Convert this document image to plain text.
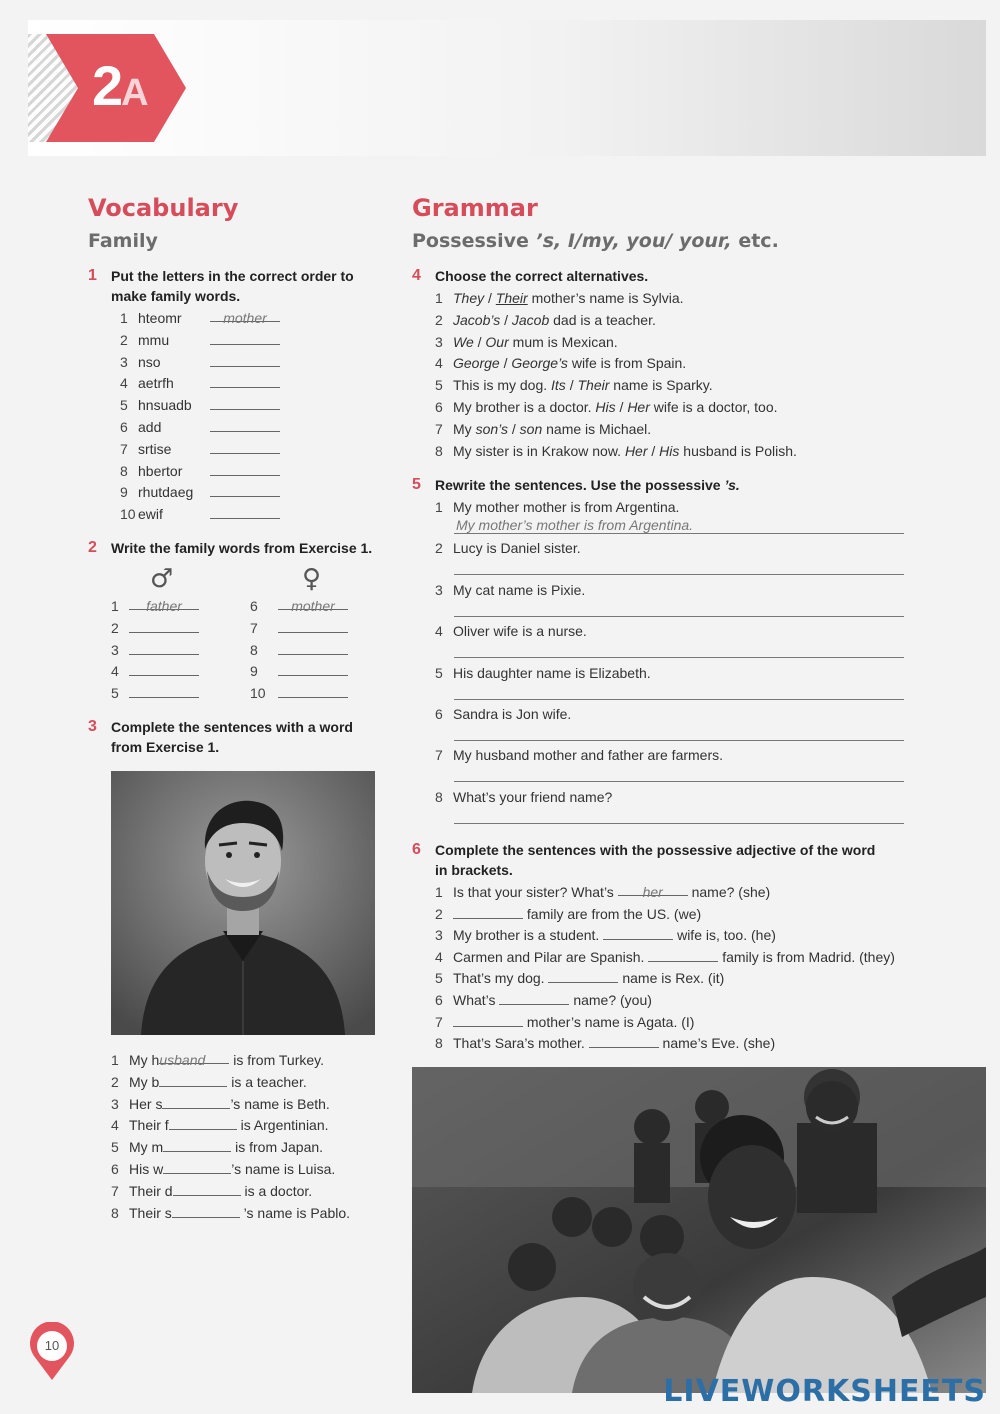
2A
Vocabulary
Family
1 Put the letters in the correct order to make family words.
1 hteomr	mother
2 mmu
3 nso
4 aetrfh
5 hnsuadb
6 add
7 srtise
8 hbertor
9 rhutdaeg
10 ewif
2 Write the family words from Exercise 1.
♂	♀
1 father
2
3
4
5
6 mother
7
8
9
10
3 Complete the sentences with a word
from Exercise 1.
1 My husband is from Turkey.
2 My b	is a teacher.
3 Her s	’s name is Beth.
4 Their f	is Argentinian.
5 My m	is from Japan.
6 His w	’s name is Luisa.
7 Their d	is a doctor.
8 Their s	’s name is Pablo.
Grammar
Possessive ’s, I/my, you/ your, etc.
4 Choose the correct alternatives.
1 They / Their mother’s name is Sylvia.
2 Jacob’s / Jacob dad is a teacher.
3 We / Our mum is Mexican.
4 George / George’s wife is from Spain.
5 This is my dog. Its / Their name is Sparky.
6 My brother is a doctor. His / Her wife is a doctor, too.
7 My son’s / son name is Michael.
8 My sister is in Krakow now. Her / His husband is Polish.
5 Rewrite the sentences. Use the possessive ’s.
1 My mother mother is from Argentina.
My mother’s mother is from Argentina.
2 Lucy is Daniel sister.
3 My cat name is Pixie.
4 Oliver wife is a nurse.
5 His daughter name is Elizabeth.
6 Sandra is Jon wife.
7 My husband mother and father are farmers.
8 What’s your friend name?
6 Complete the sentences with the possessive adjective of the word
in brackets.
1 Is that your sister? What’s her name? (she)
2	family are from the US. (we)
3 My brother is a student.	wife is, too. (he)
4 Carmen and Pilar are Spanish.	family is from Madrid. (they)
5 That’s my dog.	name is Rex. (it)
6 What’s	name? (you)
7	mother’s name is Agata. (I)
8 That’s Sara’s mother.	name’s Eve. (she)
10
LIVEWORKSHEETS
